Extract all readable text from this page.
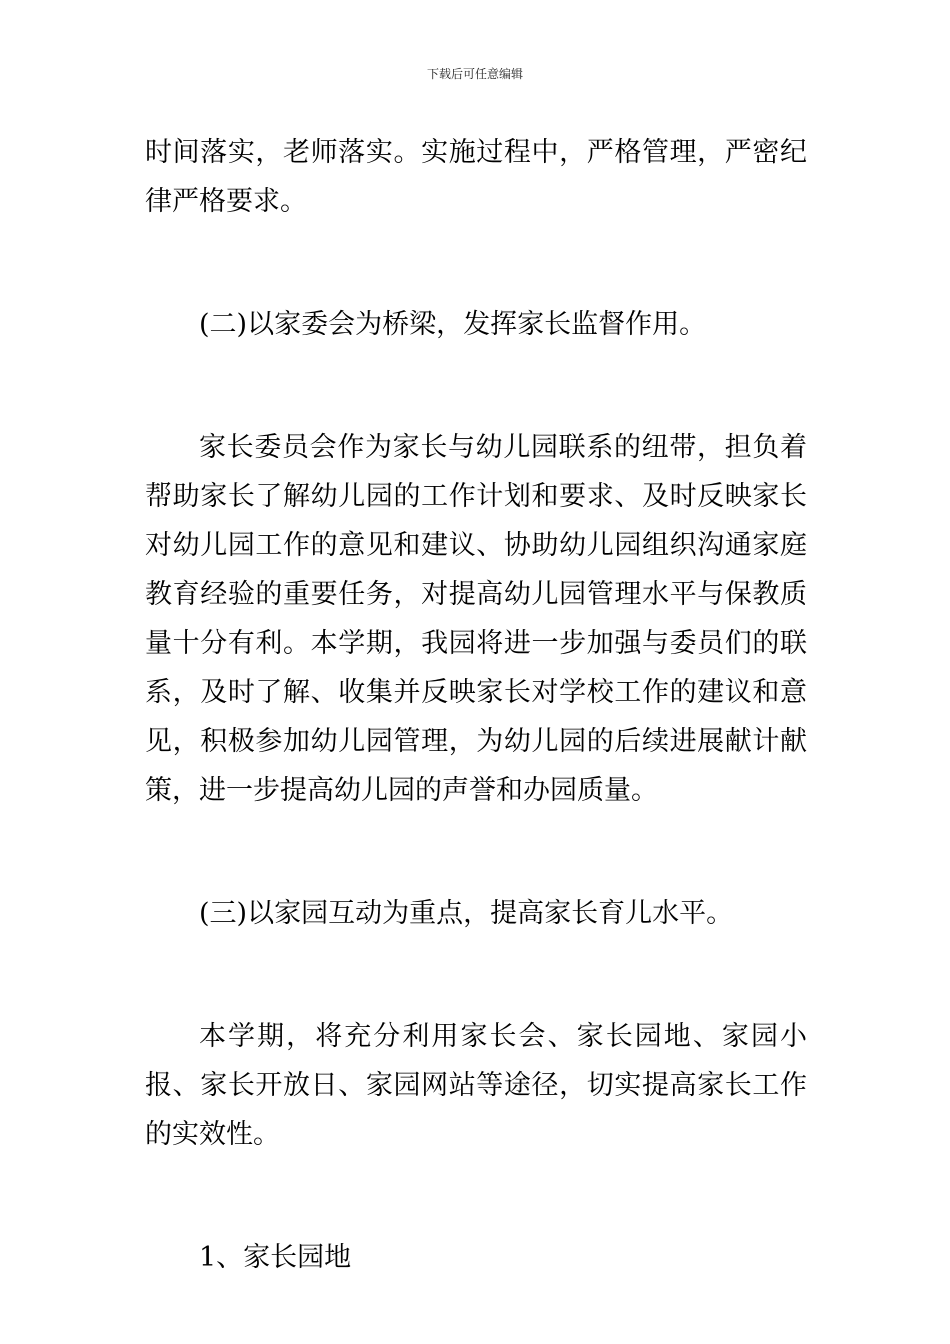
下载后可任意编辑

时间落实，老师落实。实施过程中，严格管理，严密纪律严格要求。

(二)以家委会为桥梁，发挥家长监督作用。

家长委员会作为家长与幼儿园联系的纽带，担负着帮助家长了解幼儿园的工作计划和要求、及时反映家长对幼儿园工作的意见和建议、协助幼儿园组织沟通家庭教育经验的重要任务，对提高幼儿园管理水平与保教质量十分有利。本学期，我园将进一步加强与委员们的联系，及时了解、收集并反映家长对学校工作的建议和意见，积极参加幼儿园管理，为幼儿园的后续进展献计献策，进一步提高幼儿园的声誉和办园质量。

(三)以家园互动为重点，提高家长育儿水平。

本学期，将充分利用家长会、家长园地、家园小报、家长开放日、家园网站等途径，切实提高家长工作的实效性。

1、家长园地
